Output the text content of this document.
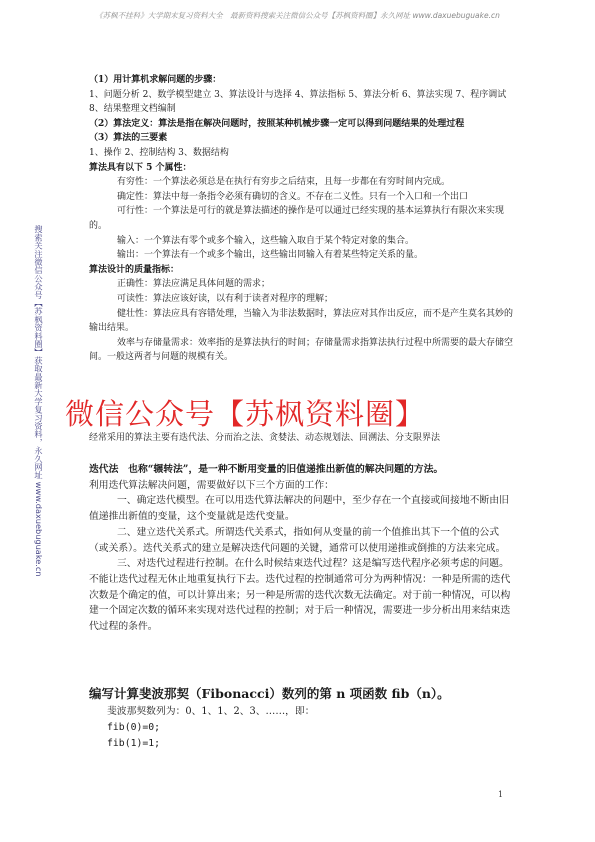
《苏枫不挂科》大学期末复习资料大全　最新资料搜索关注微信公众号【苏枫资料圈】永久网址 www.daxuebuguake.cn
搜索关注微信公众号【苏枫资料圈】获取最新大学复习资料，永久网址 www.daxuebuguake.cn

（1）用计算机求解问题的步骤：

1、问题分析 2、数学模型建立 3、算法设计与选择 4、算法指标 5、算法分析 6、算法实现 7、程序调试 8、结果整理文档编制

（2）算法定义：算法是指在解决问题时，按照某种机械步骤一定可以得到问题结果的处理过程

（3）算法的三要素

1、操作 2、控制结构 3、数据结构

算法具有以下 5 个属性：

有穷性：一个算法必须总是在执行有穷步之后结束，且每一步都在有穷时间内完成。

确定性：算法中每一条指令必须有确切的含义。不存在二义性。只有一个入口和一个出口

可行性：一个算法是可行的就是算法描述的操作是可以通过已经实现的基本运算执行有限次来实现的。

输入：一个算法有零个或多个输入，这些输入取自于某个特定对象的集合。

输出：一个算法有一个或多个输出，这些输出同输入有着某些特定关系的量。

算法设计的质量指标：

正确性：算法应满足具体问题的需求；

可读性：算法应该好读，以有利于读者对程序的理解；

健壮性：算法应具有容错处理，当输入为非法数据时，算法应对其作出反应，而不是产生莫名其妙的输出结果。

效率与存储量需求：效率指的是算法执行的时间；存储量需求指算法执行过程中所需要的最大存储空间。一般这两者与问题的规模有关。

经常采用的算法主要有迭代法、分而治之法、贪婪法、动态规划法、回溯法、分支限界法

迭代法　也称“辗转法”，是一种不断用变量的旧值递推出新值的解决问题的方法。

利用迭代算法解决问题，需要做好以下三个方面的工作：

一、确定迭代模型。在可以用迭代算法解决的问题中，至少存在一个直接或间接地不断由旧值递推出新值的变量，这个变量就是迭代变量。

二、建立迭代关系式。所谓迭代关系式，指如何从变量的前一个值推出其下一个值的公式（或关系）。迭代关系式的建立是解决迭代问题的关键，通常可以使用递推或倒推的方法来完成。

三、对迭代过程进行控制。在什么时候结束迭代过程？这是编写迭代程序必须考虑的问题。不能让迭代过程无休止地重复执行下去。迭代过程的控制通常可分为两种情况：一种是所需的迭代次数是个确定的值，可以计算出来；另一种是所需的迭代次数无法确定。对于前一种情况，可以构建一个固定次数的循环来实现对迭代过程的控制；对于后一种情况，需要进一步分析出用来结束迭代过程的条件。

编写计算斐波那契（Fibonacci）数列的第 n 项函数 fib（n）。

斐波那契数列为：0、1、1、2、3、……，即：

fib(0)=0;

fib(1)=1;

微信公众号【苏枫资料圈】
1
